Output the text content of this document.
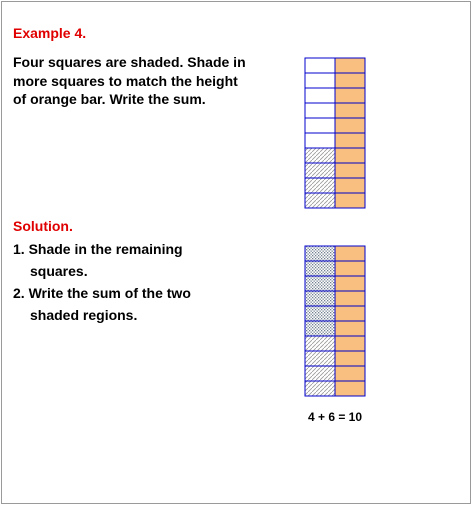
Example 4.

Four squares are shaded. Shade in
more squares to match the height
of orange bar. Write the sum.

Solution.

1. Shade in the remaining

squares.

2. Write the sum of the two

shaded regions.

4 + 6 = 10
